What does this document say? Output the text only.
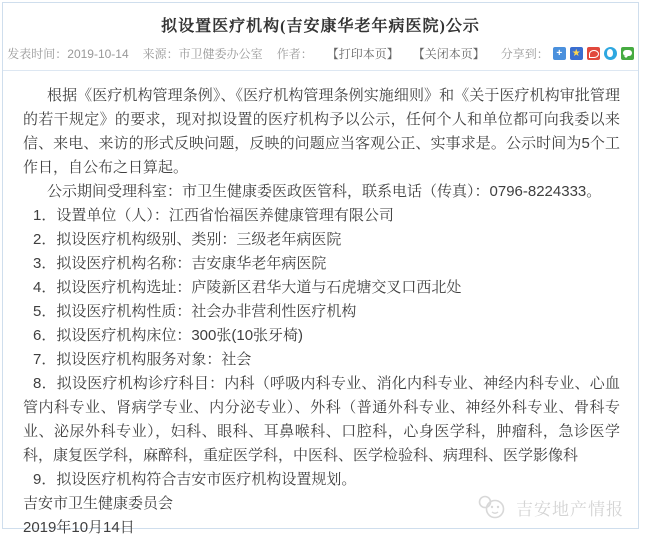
拟设置医疗机构(吉安康华老年病医院)公示
发表时间： 2019-10-14 来源： 市卫健委办公室 作者： 【打印本页】 【关闭本页】 分享到： + ★

根据《医疗机构管理条例》、《医疗机构管理条例实施细则》和《关于医疗机构审批管理的若干规定》的要求，现对拟设置的医疗机构予以公示，任何个人和单位都可向我委以来信、来电、来访的形式反映问题，反映的问题应当客观公正、实事求是。公示时间为5个工作日，自公布之日算起。

公示期间受理科室：市卫生健康委医政医管科，联系电话（传真）：0796-8224333。

1．设置单位（人）：江西省怡福医养健康管理有限公司

2．拟设医疗机构级别、类别：三级老年病医院

3．拟设医疗机构名称：吉安康华老年病医院

4．拟设医疗机构选址：庐陵新区君华大道与石虎塘交叉口西北处

5．拟设医疗机构性质：社会办非营利性医疗机构

6．拟设医疗机构床位：300张(10张牙椅)

7．拟设医疗机构服务对象：社会

8．拟设医疗机构诊疗科目：内科（呼吸内科专业、消化内科专业、神经内科专业、心血管内科专业、肾病学专业、内分泌专业）、外科（普通外科专业、神经外科专业、骨科专业、泌尿外科专业），妇科、眼科、耳鼻喉科、口腔科，心身医学科，肿瘤科，急诊医学科，康复医学科，麻醉科，重症医学科，中医科、医学检验科、病理科、医学影像科

9．拟设医疗机构符合吉安市医疗机构设置规划。

吉安市卫生健康委员会

2019年10月14日

吉安地产情报
